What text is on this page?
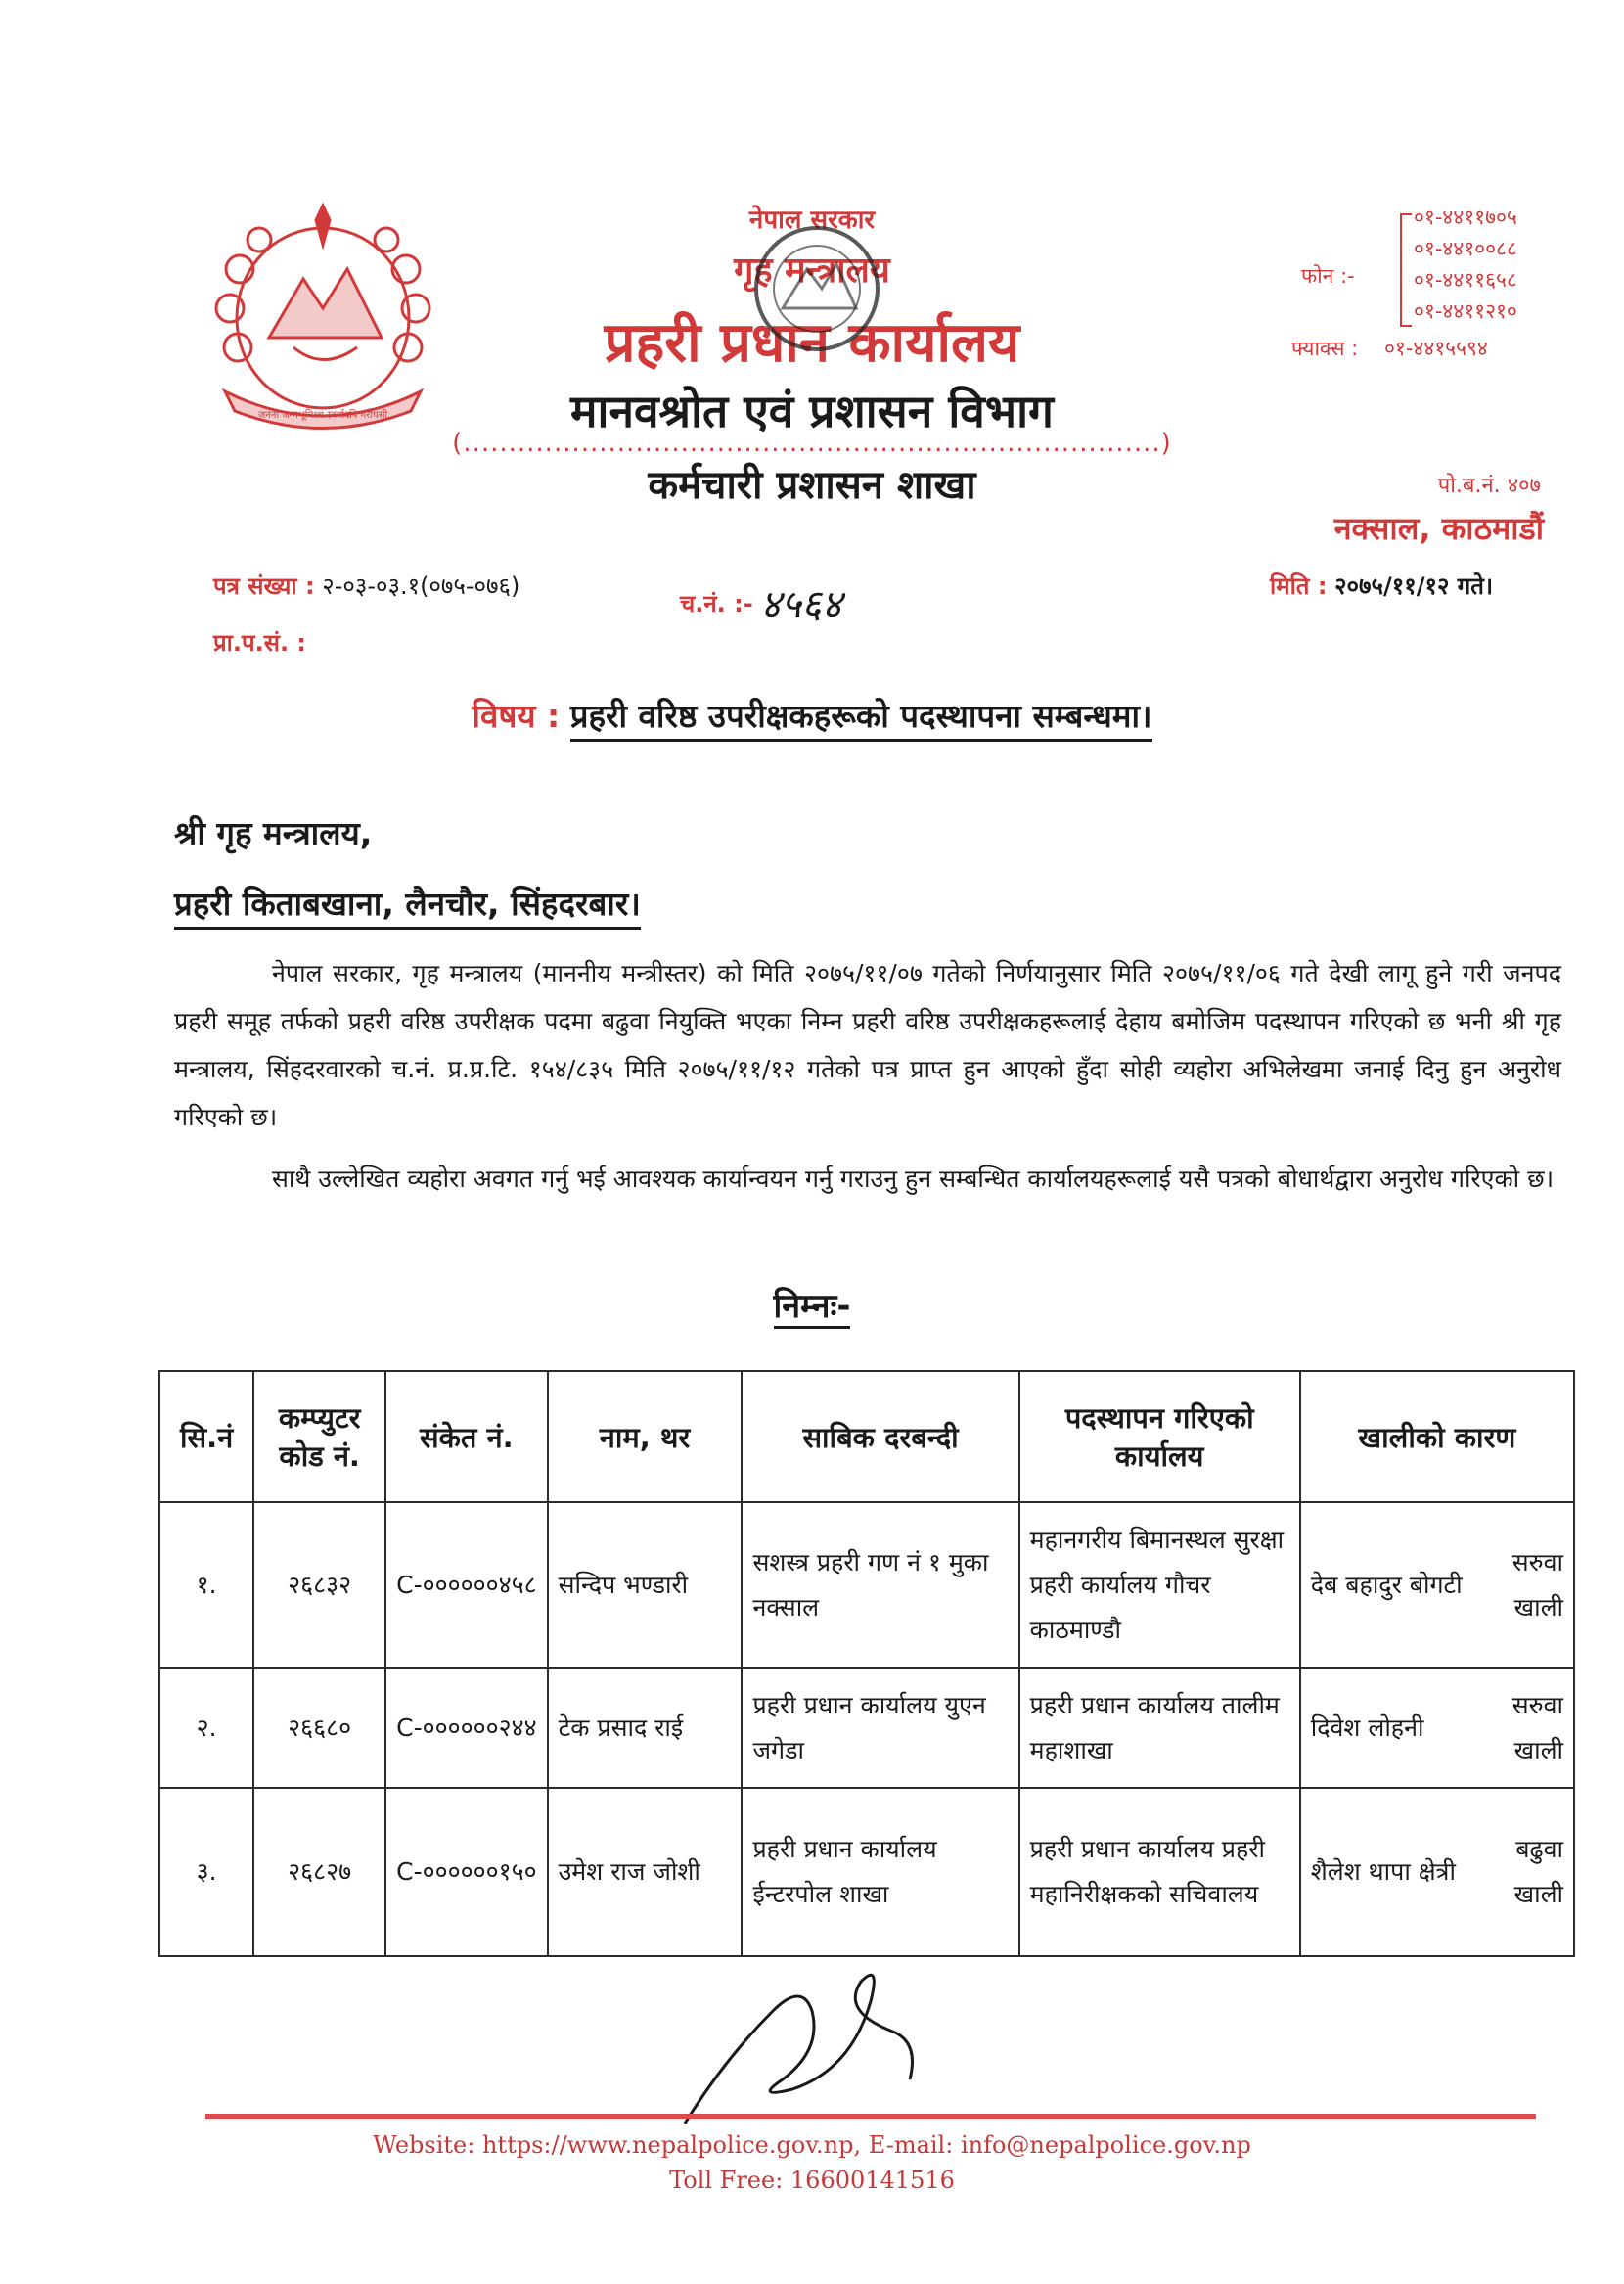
जननी जन्मभूमिश्च स्वर्गादपि गरीयसी
नेपाल सरकार
गृह मन्त्रालय
प्रहरी प्रधान कार्यालय
मानवश्रोत एवं प्रशासन विभाग
(.............................................................................)
कर्मचारी प्रशासन शाखा
फोन :-
०१-४४११७०५
०१-४४१००८८
०१-४४११६५८
०१-४४११२१०
फ्याक्स : ०१-४४१५५९४
पो.ब.नं. ४०७
नक्साल, काठमाडौं
पत्र संख्या : २-०३-०३.१(०७५-०७६)
च.नं. :- ४५६४	मिति : २०७५/११/१२ गते।
प्रा.प.सं. :
विषय : प्रहरी वरिष्ठ उपरीक्षकहरूको पदस्थापना सम्बन्धमा।
श्री गृह मन्त्रालय,
प्रहरी किताबखाना, लैनचौर, सिंहदरबार।
नेपाल सरकार, गृह मन्त्रालय (माननीय मन्त्रीस्तर) को मिति २०७५/११/०७ गतेको निर्णयानुसार मिति २०७५/११/०६ गते देखी लागू हुने गरी जनपद प्रहरी समूह तर्फको प्रहरी वरिष्ठ उपरीक्षक पदमा बढुवा नियुक्ति भएका निम्न प्रहरी वरिष्ठ उपरीक्षकहरूलाई देहाय बमोजिम पदस्थापन गरिएको छ भनी श्री गृह मन्त्रालय, सिंहदरवारको च.नं. प्र.प्र.टि. १५४/८३५ मिति २०७५/११/१२ गतेको पत्र प्राप्त हुन आएको हुँदा सोही व्यहोरा अभिलेखमा जनाई दिनु हुन अनुरोध गरिएको छ।
साथै उल्लेखित व्यहोरा अवगत गर्नु भई आवश्यक कार्यान्वयन गर्नु गराउनु हुन सम्बन्धित कार्यालयहरूलाई यसै पत्रको बोधार्थद्वारा अनुरोध गरिएको छ।
निम्नः-
सि.नं	कम्प्युटर कोड नं.	संकेत नं.	नाम, थर	साबिक दरबन्दी	पदस्थापन गरिएको कार्यालय	खालीको कारण	
१.	२६८३२	C-००००००४५८	सन्दिप भण्डारी	सशस्त्र प्रहरी गण नं १ मुका नक्साल	महानगरीय बिमानस्थल सुरक्षा प्रहरी कार्यालय गौचर काठमाण्डौ	देब बहादुर बोगटी	सरुवा खाली
२.	२६६८०	C-००००००२४४	टेक प्रसाद राई	प्रहरी प्रधान कार्यालय युएन जगेडा	प्रहरी प्रधान कार्यालय तालीम महाशाखा	दिवेश लोहनी	सरुवा खाली
३.	२६८२७	C-००००००१५०	उमेश राज जोशी	प्रहरी प्रधान कार्यालय ईन्टरपोल शाखा	प्रहरी प्रधान कार्यालय प्रहरी महानिरीक्षकको सचिवालय	शैलेश थापा क्षेत्री	बढुवा खाली
Website: https://www.nepalpolice.gov.np, E-mail: info@nepalpolice.gov.np
Toll Free: 16600141516
